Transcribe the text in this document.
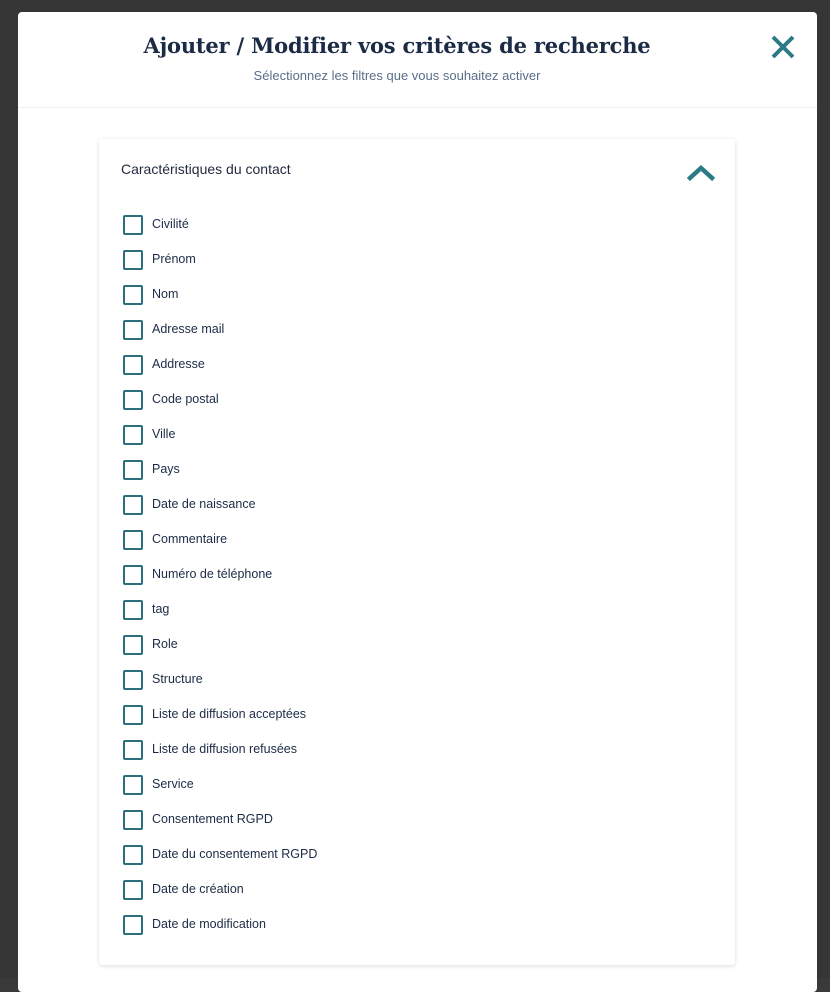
Ajouter / Modifier vos critères de recherche
Sélectionnez les filtres que vous souhaitez activer
Caractéristiques du contact
Civilité
Prénom
Nom
Adresse mail
Addresse
Code postal
Ville
Pays
Date de naissance
Commentaire
Numéro de téléphone
tag
Role
Structure
Liste de diffusion acceptées
Liste de diffusion refusées
Service
Consentement RGPD
Date du consentement RGPD
Date de création
Date de modification
